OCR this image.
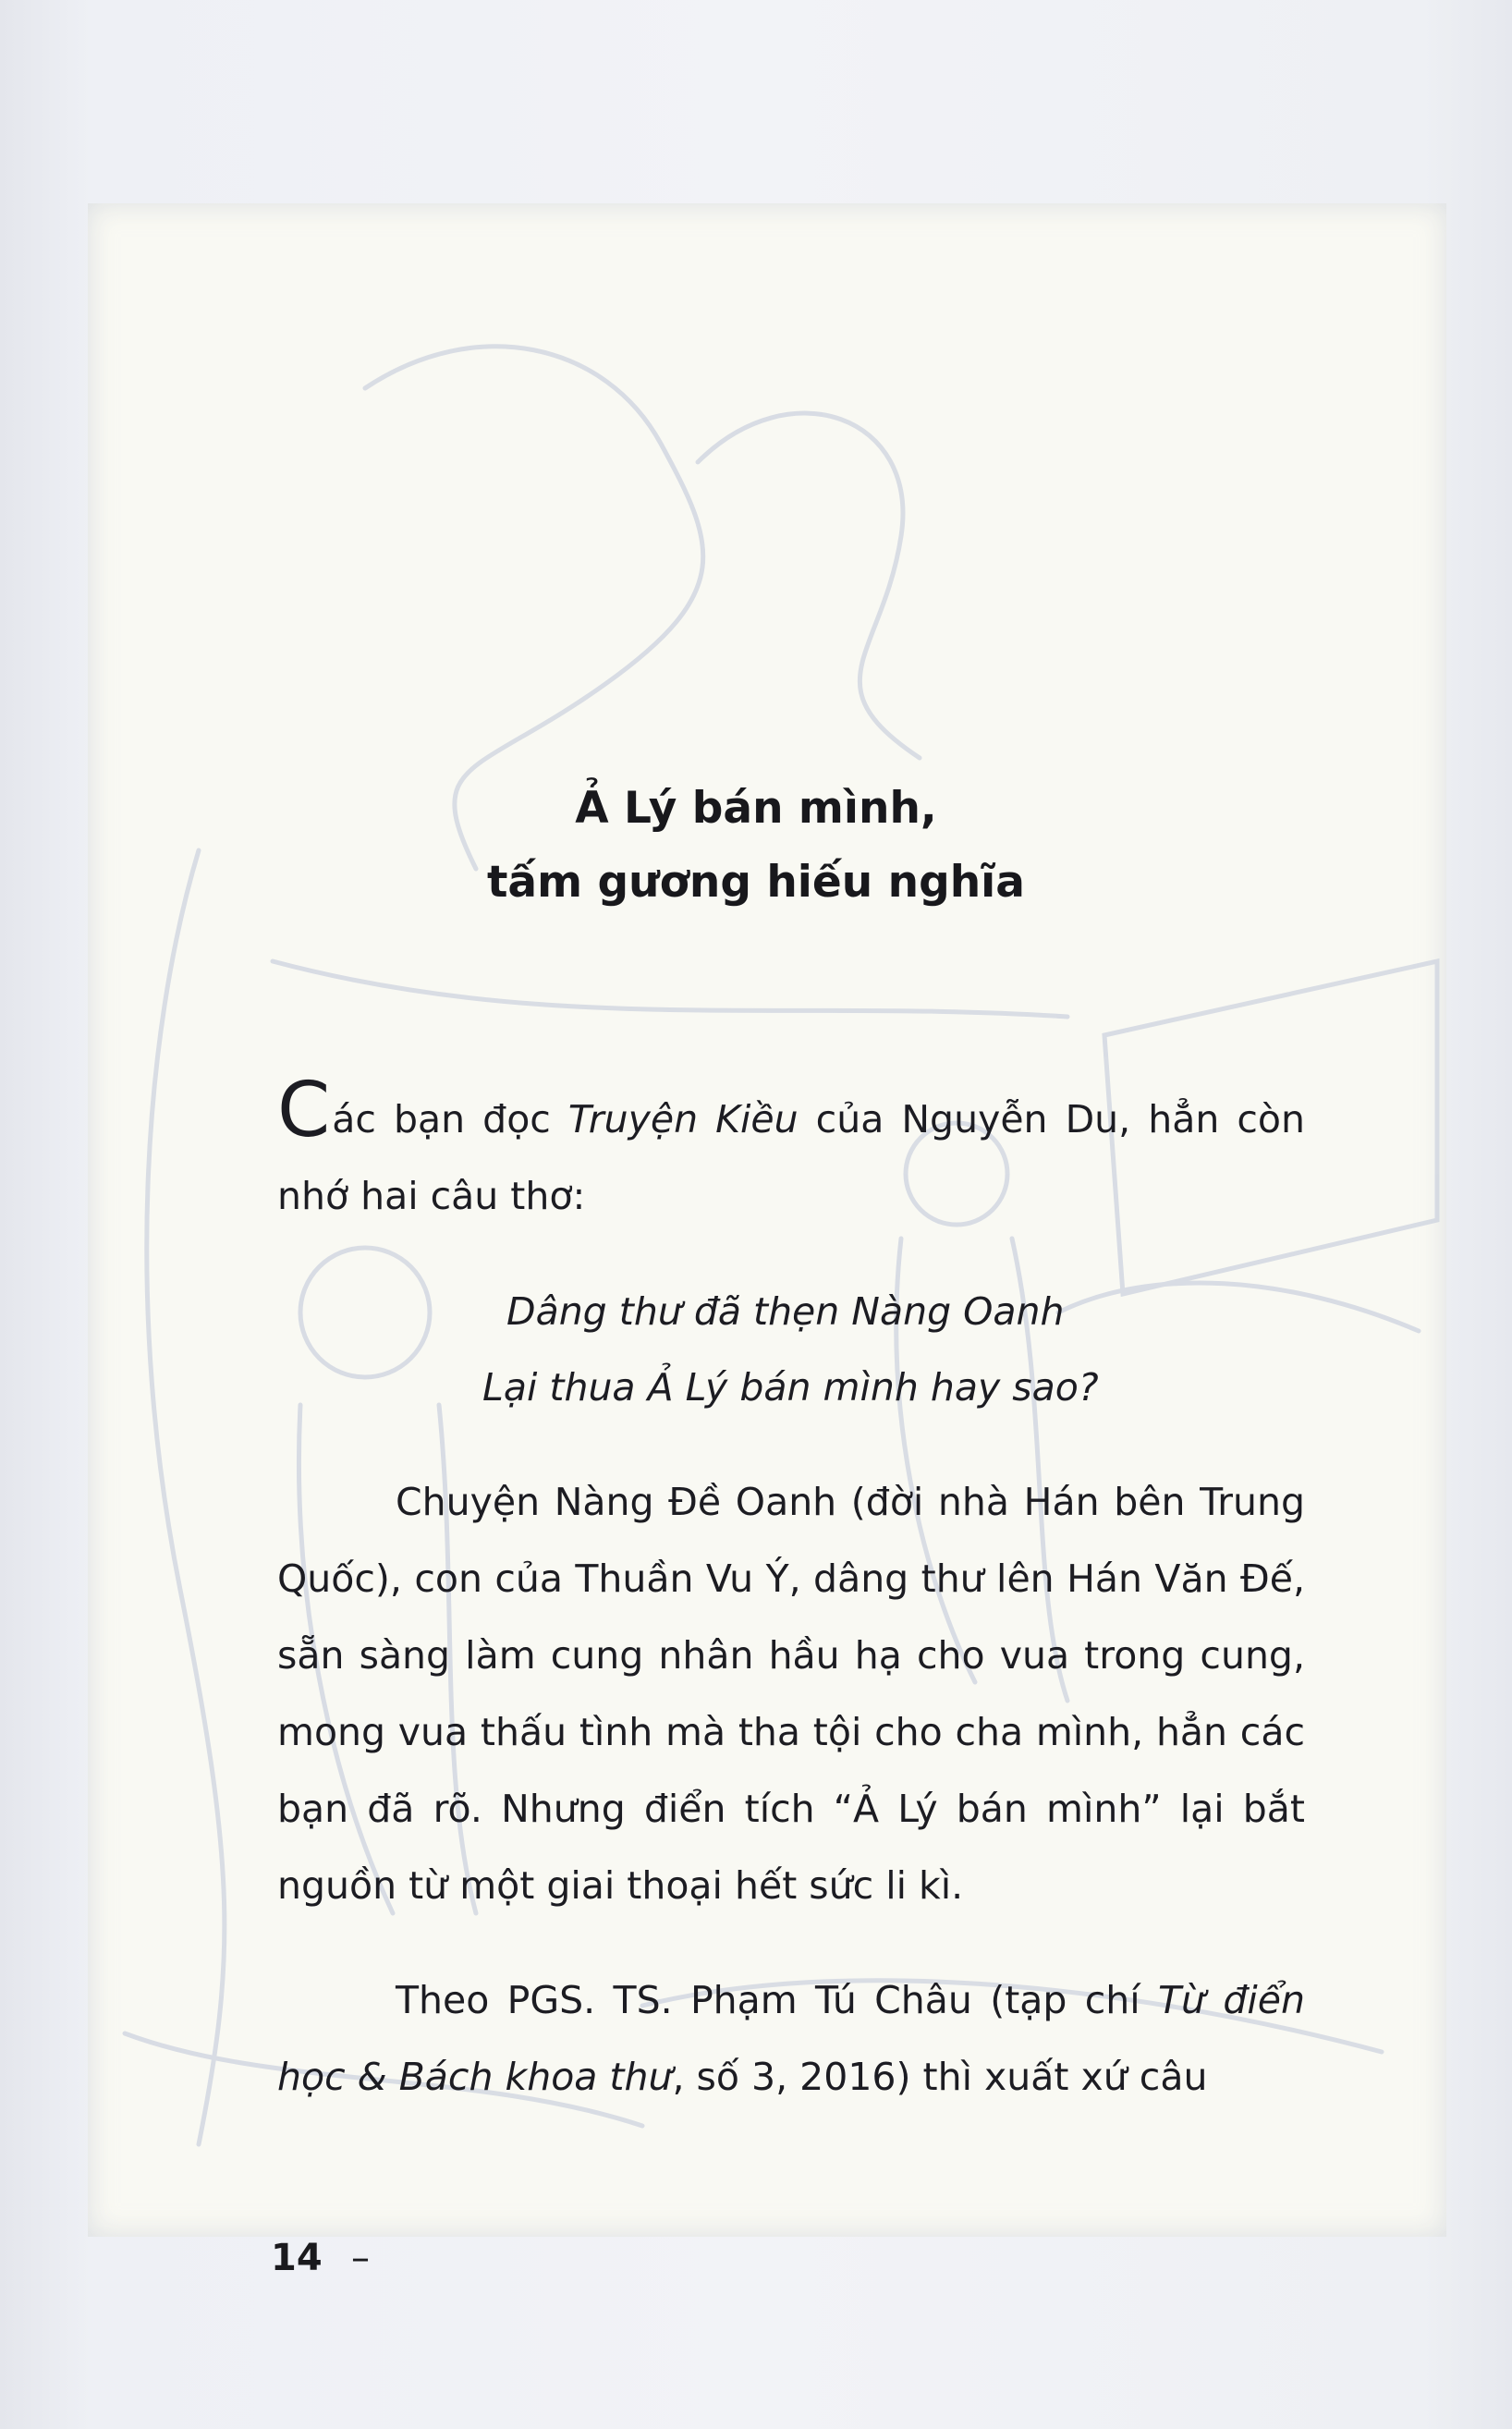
Ả Lý bán mình,
tấm gương hiếu nghĩa
Các bạn đọc Truyện Kiều của Nguyễn Du, hẳn còn nhớ hai câu thơ:
Dâng thư đã thẹn Nàng Oanh
Lại thua Ả Lý bán mình hay sao?
Chuyện Nàng Đề Oanh (đời nhà Hán bên Trung Quốc), con của Thuần Vu Ý, dâng thư lên Hán Văn Đế, sẵn sàng làm cung nhân hầu hạ cho vua trong cung, mong vua thấu tình mà tha tội cho cha mình, hẳn các bạn đã rõ. Nhưng điển tích “Ả Lý bán mình” lại bắt nguồn từ một giai thoại hết sức li kì.
Theo PGS. TS. Phạm Tú Châu (tạp chí Từ điển học & Bách khoa thư, số 3, 2016) thì xuất xứ câu
14 –
